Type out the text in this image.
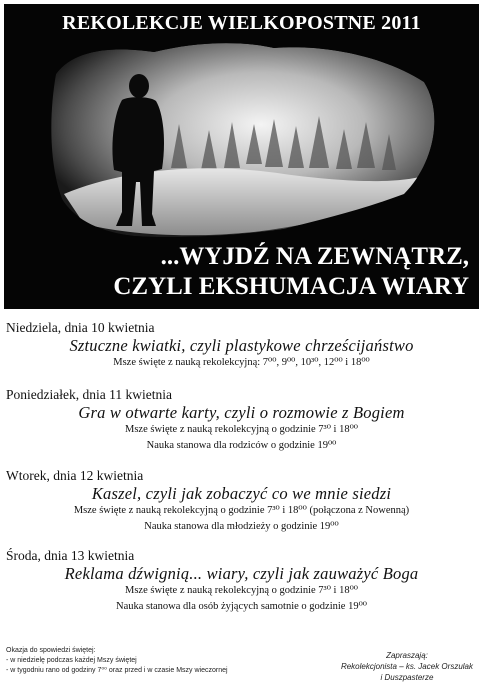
REKOLEKCJE WIELKOPOSTNE 2011
...WYJDŹ NA ZEWNĄTRZ,
CZYLI EKSHUMACJA WIARY
Niedziela, dnia 10 kwietnia
Sztuczne kwiatki, czyli plastykowe chrześcijaństwo
Msze święte z nauką rekolekcyjną: 7⁰⁰, 9⁰⁰, 10³⁰, 12⁰⁰ i 18⁰⁰
Poniedziałek, dnia 11 kwietnia
Gra w otwarte karty, czyli o rozmowie z Bogiem
Msze święte z nauką rekolekcyjną o godzinie 7³⁰ i 18⁰⁰
Nauka stanowa dla rodziców o godzinie 19⁰⁰
Wtorek, dnia 12 kwietnia
Kaszel, czyli jak zobaczyć co we mnie siedzi
Msze święte z nauką rekolekcyjną o godzinie 7³⁰ i 18⁰⁰ (połączona z Nowenną)
Nauka stanowa dla młodzieży o godzinie 19⁰⁰
Środa, dnia 13 kwietnia
Reklama dźwignią... wiary, czyli jak zauważyć Boga
Msze święte z nauką rekolekcyjną o godzinie 7³⁰ i 18⁰⁰
Nauka stanowa dla osób żyjących samotnie o godzinie 19⁰⁰
Okazja do spowiedzi świętej:
- w niedzielę podczas każdej Mszy świętej
- w tygodniu rano od godziny 7⁰⁰ oraz przed i w czasie Mszy wieczornej
Zapraszają:
Rekolekcjonista – ks. Jacek Orszulak
i Duszpasterze
